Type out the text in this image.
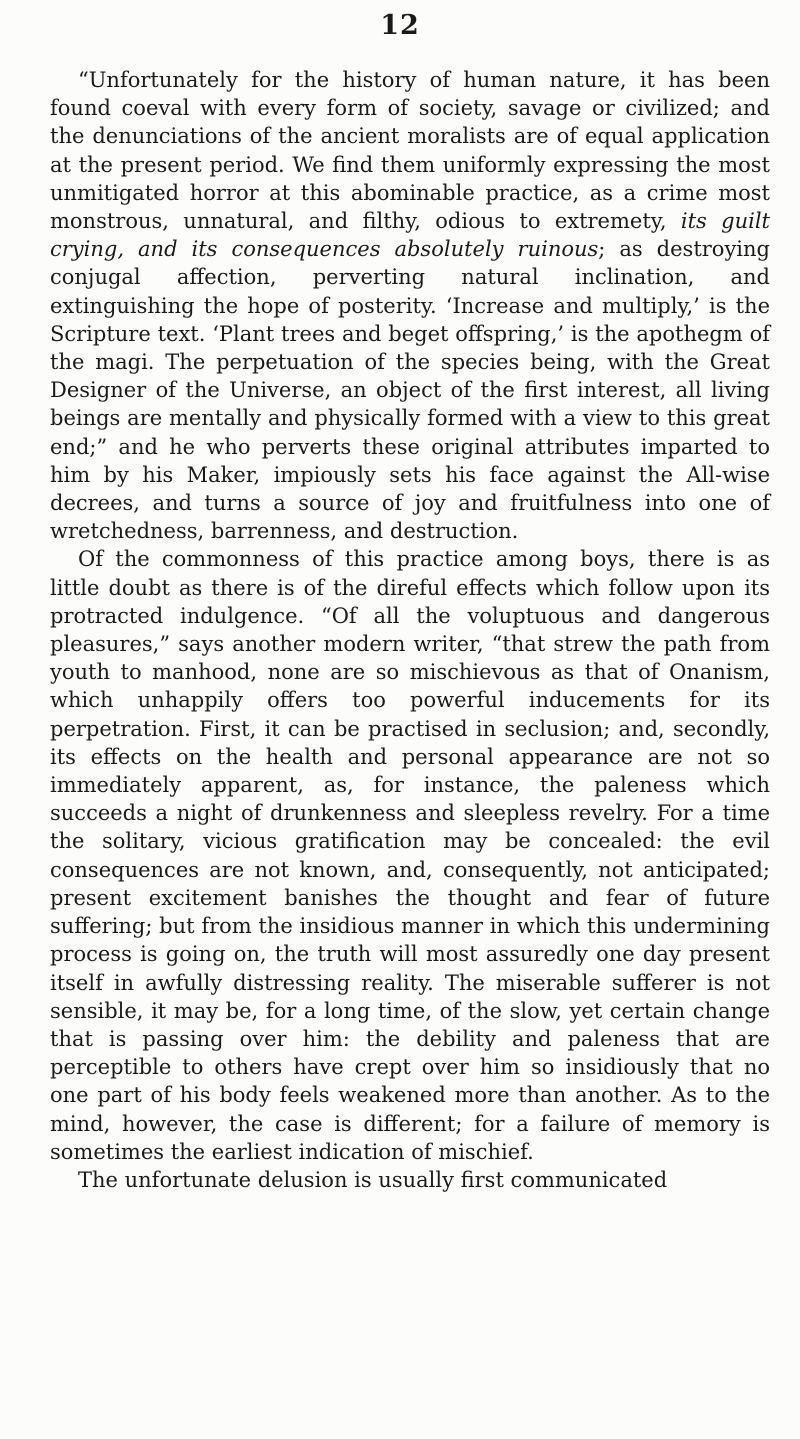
12

“Unfortunately for the history of human nature, it has been found coeval with every form of society, savage or civilized; and the denunciations of the ancient moralists are of equal application at the present period. We find them uniformly expressing the most unmitigated horror at this abominable practice, as a crime most monstrous, unnatural, and filthy, odious to extremety, its guilt crying, and its consequences absolutely ruinous; as destroying conjugal affection, perverting natural inclination, and extinguishing the hope of posterity. ‘Increase and multiply,’ is the Scripture text. ‘Plant trees and beget offspring,’ is the apothegm of the magi. The perpetuation of the species being, with the Great Designer of the Universe, an object of the first interest, all living beings are mentally and physically formed with a view to this great end;” and he who perverts these original attributes imparted to him by his Maker, impiously sets his face against the All-wise decrees, and turns a source of joy and fruitfulness into one of wretchedness, barrenness, and destruction.

Of the commonness of this practice among boys, there is as little doubt as there is of the direful effects which follow upon its protracted indulgence. “Of all the voluptuous and dangerous pleasures,” says another modern writer, “that strew the path from youth to manhood, none are so mischievous as that of Onanism, which unhappily offers too powerful inducements for its perpetration. First, it can be practised in seclusion; and, secondly, its effects on the health and personal appearance are not so immediately apparent, as, for instance, the paleness which succeeds a night of drunkenness and sleepless revelry. For a time the solitary, vicious gratification may be concealed: the evil consequences are not known, and, consequently, not anticipated; present excitement banishes the thought and fear of future suffering; but from the insidious manner in which this undermining process is going on, the truth will most assuredly one day present itself in awfully distressing reality. The miserable sufferer is not sensible, it may be, for a long time, of the slow, yet certain change that is passing over him: the debility and paleness that are perceptible to others have crept over him so insidiously that no one part of his body feels weakened more than another. As to the mind, however, the case is different; for a failure of memory is sometimes the earliest indication of mischief.

The unfortunate delusion is usually first communicated
